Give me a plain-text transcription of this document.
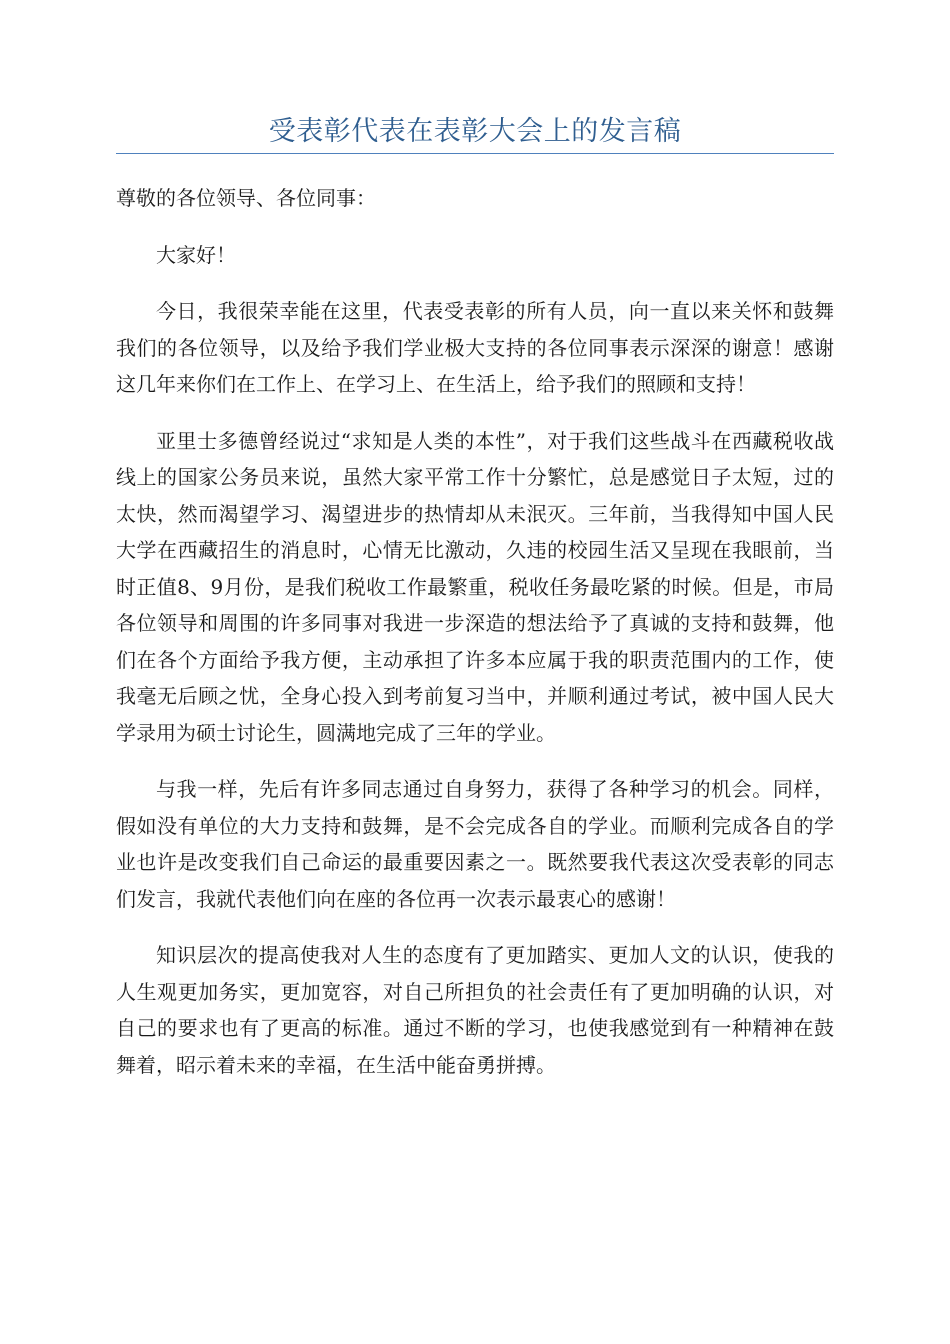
受表彰代表在表彰大会上的发言稿

尊敬的各位领导、各位同事：

大家好！

今日，我很荣幸能在这里，代表受表彰的所有人员，向一直以来关怀和鼓舞我们的各位领导，以及给予我们学业极大支持的各位同事表示深深的谢意！感谢这几年来你们在工作上、在学习上、在生活上，给予我们的照顾和支持！

亚里士多德曾经说过“求知是人类的本性”，对于我们这些战斗在西藏税收战线上的国家公务员来说，虽然大家平常工作十分繁忙，总是感觉日子太短，过的太快，然而渴望学习、渴望进步的热情却从未泯灭。三年前，当我得知中国人民大学在西藏招生的消息时，心情无比激动，久违的校园生活又呈现在我眼前，当时正值8、9月份，是我们税收工作最繁重，税收任务最吃紧的时候。但是，市局各位领导和周围的许多同事对我进一步深造的想法给予了真诚的支持和鼓舞，他们在各个方面给予我方便，主动承担了许多本应属于我的职责范围内的工作，使我毫无后顾之忧，全身心投入到考前复习当中，并顺利通过考试，被中国人民大学录用为硕士讨论生，圆满地完成了三年的学业。

与我一样，先后有许多同志通过自身努力，获得了各种学习的机会。同样，假如没有单位的大力支持和鼓舞，是不会完成各自的学业。而顺利完成各自的学业也许是改变我们自己命运的最重要因素之一。既然要我代表这次受表彰的同志们发言，我就代表他们向在座的各位再一次表示最衷心的感谢！

知识层次的提高使我对人生的态度有了更加踏实、更加人文的认识，使我的人生观更加务实，更加宽容，对自己所担负的社会责任有了更加明确的认识，对自己的要求也有了更高的标准。通过不断的学习，也使我感觉到有一种精神在鼓舞着，昭示着未来的幸福，在生活中能奋勇拼搏。
